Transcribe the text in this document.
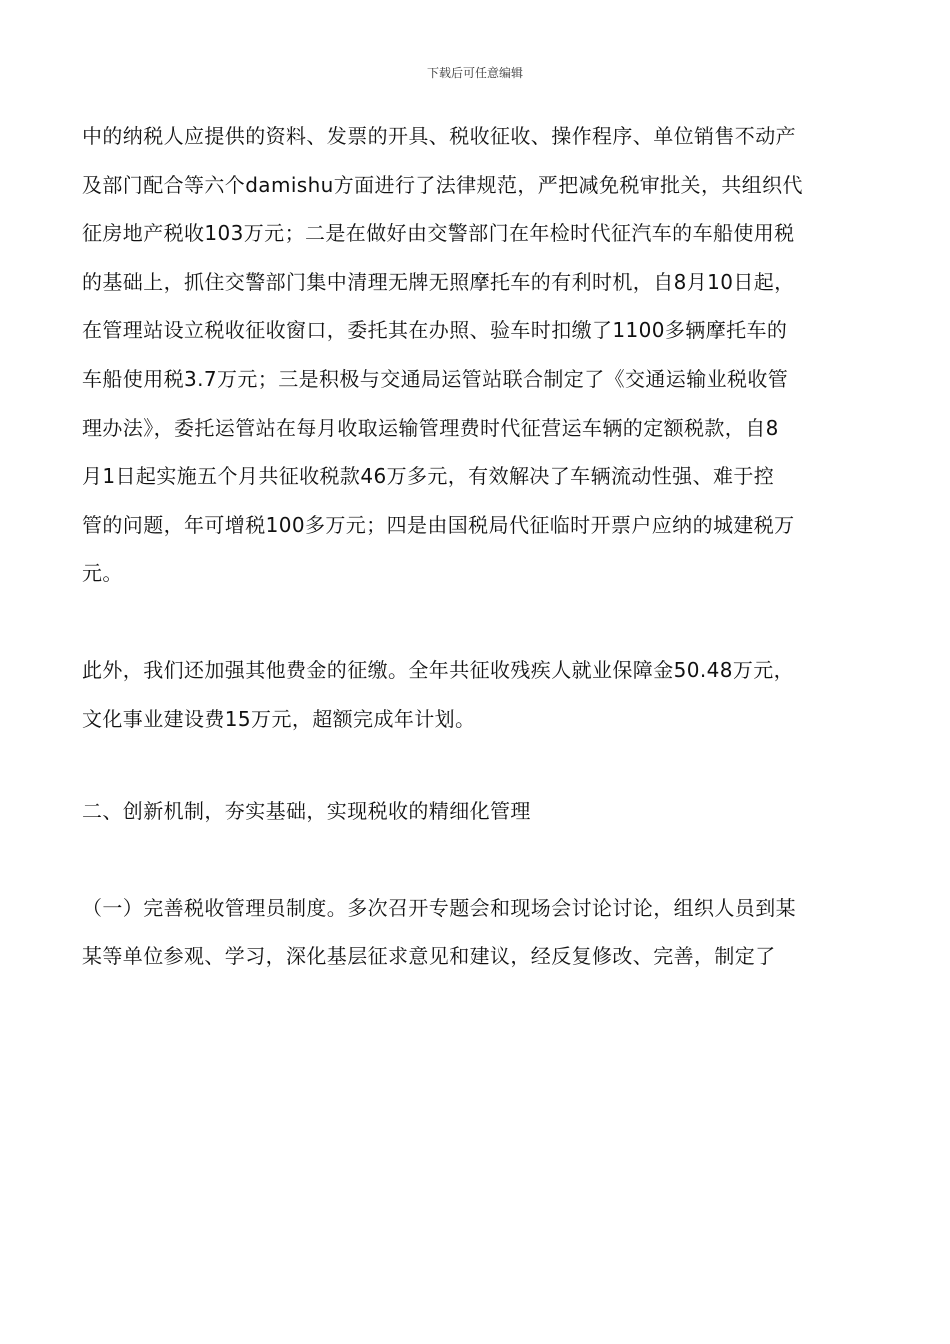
下载后可任意编辑

中的纳税人应提供的资料、发票的开具、税收征收、操作程序、单位销售不动产
及部门配合等六个damishu方面进行了法律规范，严把减免税审批关，共组织代
征房地产税收103万元；二是在做好由交警部门在年检时代征汽车的车船使用税
的基础上，抓住交警部门集中清理无牌无照摩托车的有利时机，自8月10日起，
在管理站设立税收征收窗口，委托其在办照、验车时扣缴了1100多辆摩托车的
车船使用税3.7万元；三是积极与交通局运管站联合制定了《交通运输业税收管
理办法》，委托运管站在每月收取运输管理费时代征营运车辆的定额税款，自8
月1日起实施五个月共征收税款46万多元，有效解决了车辆流动性强、难于控
管的问题，年可增税100多万元；四是由国税局代征临时开票户应纳的城建税万
元。

此外，我们还加强其他费金的征缴。全年共征收残疾人就业保障金50.48万元，
文化事业建设费15万元，超额完成年计划。

二、创新机制，夯实基础，实现税收的精细化管理

（一）完善税收管理员制度。多次召开专题会和现场会讨论讨论，组织人员到某
某等单位参观、学习，深化基层征求意见和建议，经反复修改、完善，制定了
